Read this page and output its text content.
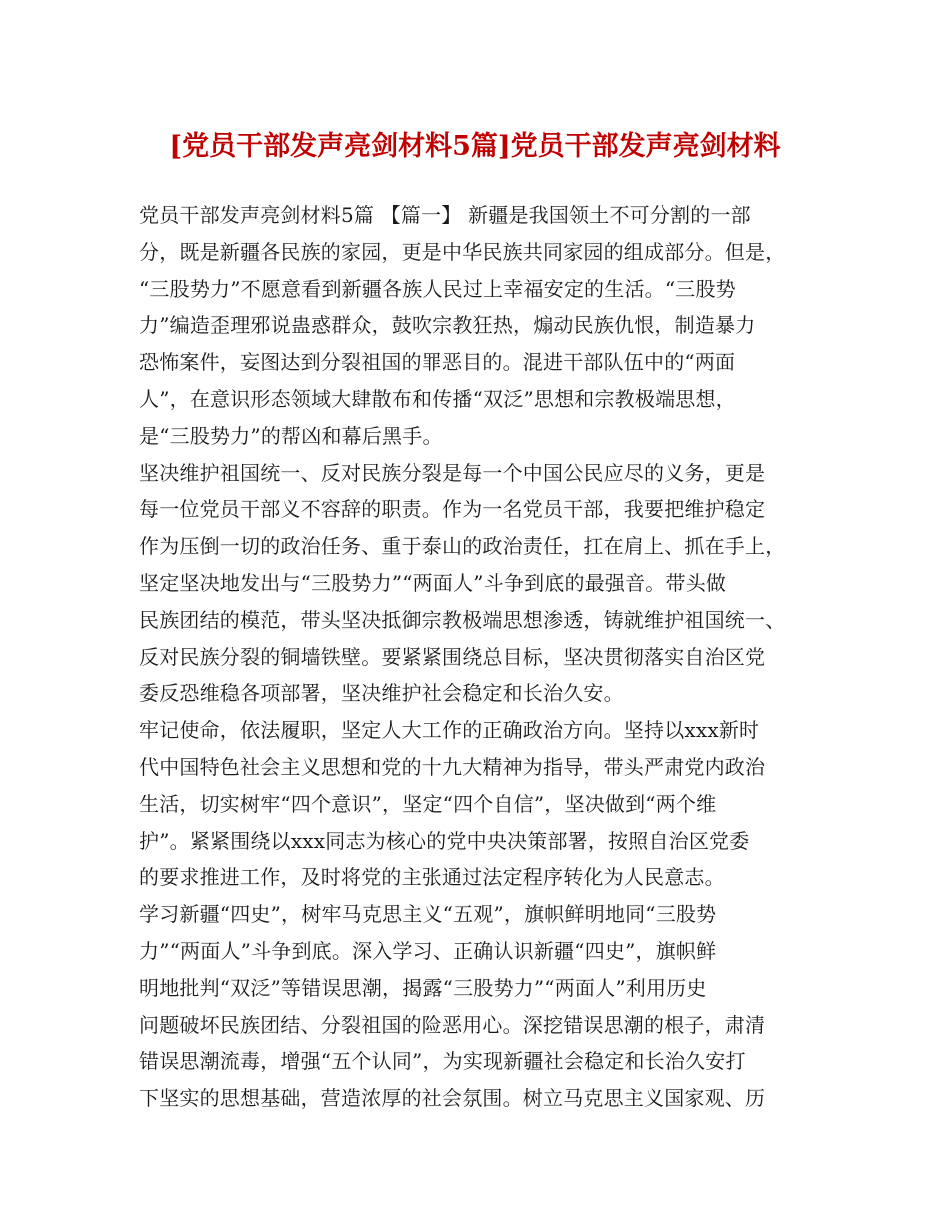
[党员干部发声亮剑材料5篇]党员干部发声亮剑材料
党员干部发声亮剑材料5篇 【篇一】 新疆是我国领土不可分割的一部
分，既是新疆各民族的家园，更是中华民族共同家园的组成部分。但是，
“三股势力”不愿意看到新疆各族人民过上幸福安定的生活。“三股势
力”编造歪理邪说蛊惑群众，鼓吹宗教狂热，煽动民族仇恨，制造暴力
恐怖案件，妄图达到分裂祖国的罪恶目的。混进干部队伍中的“两面
人”，在意识形态领域大肆散布和传播“双泛”思想和宗教极端思想，
是“三股势力”的帮凶和幕后黑手。
坚决维护祖国统一、反对民族分裂是每一个中国公民应尽的义务，更是
每一位党员干部义不容辞的职责。作为一名党员干部，我要把维护稳定
作为压倒一切的政治任务、重于泰山的政治责任，扛在肩上、抓在手上，
坚定坚决地发出与“三股势力”“两面人”斗争到底的最强音。带头做
民族团结的模范，带头坚决抵御宗教极端思想渗透，铸就维护祖国统一、
反对民族分裂的铜墙铁壁。要紧紧围绕总目标，坚决贯彻落实自治区党
委反恐维稳各项部署，坚决维护社会稳定和长治久安。
牢记使命，依法履职，坚定人大工作的正确政治方向。坚持以xxx新时
代中国特色社会主义思想和党的十九大精神为指导，带头严肃党内政治
生活，切实树牢“四个意识”，坚定“四个自信”，坚决做到“两个维
护”。紧紧围绕以xxx同志为核心的党中央决策部署，按照自治区党委
的要求推进工作，及时将党的主张通过法定程序转化为人民意志。
学习新疆“四史”，树牢马克思主义“五观”，旗帜鲜明地同“三股势
力”“两面人”斗争到底。深入学习、正确认识新疆“四史”，旗帜鲜
明地批判“双泛”等错误思潮，揭露“三股势力”“两面人”利用历史
问题破坏民族团结、分裂祖国的险恶用心。深挖错误思潮的根子，肃清
错误思潮流毒，增强“五个认同”，为实现新疆社会稳定和长治久安打
下坚实的思想基础，营造浓厚的社会氛围。树立马克思主义国家观、历
